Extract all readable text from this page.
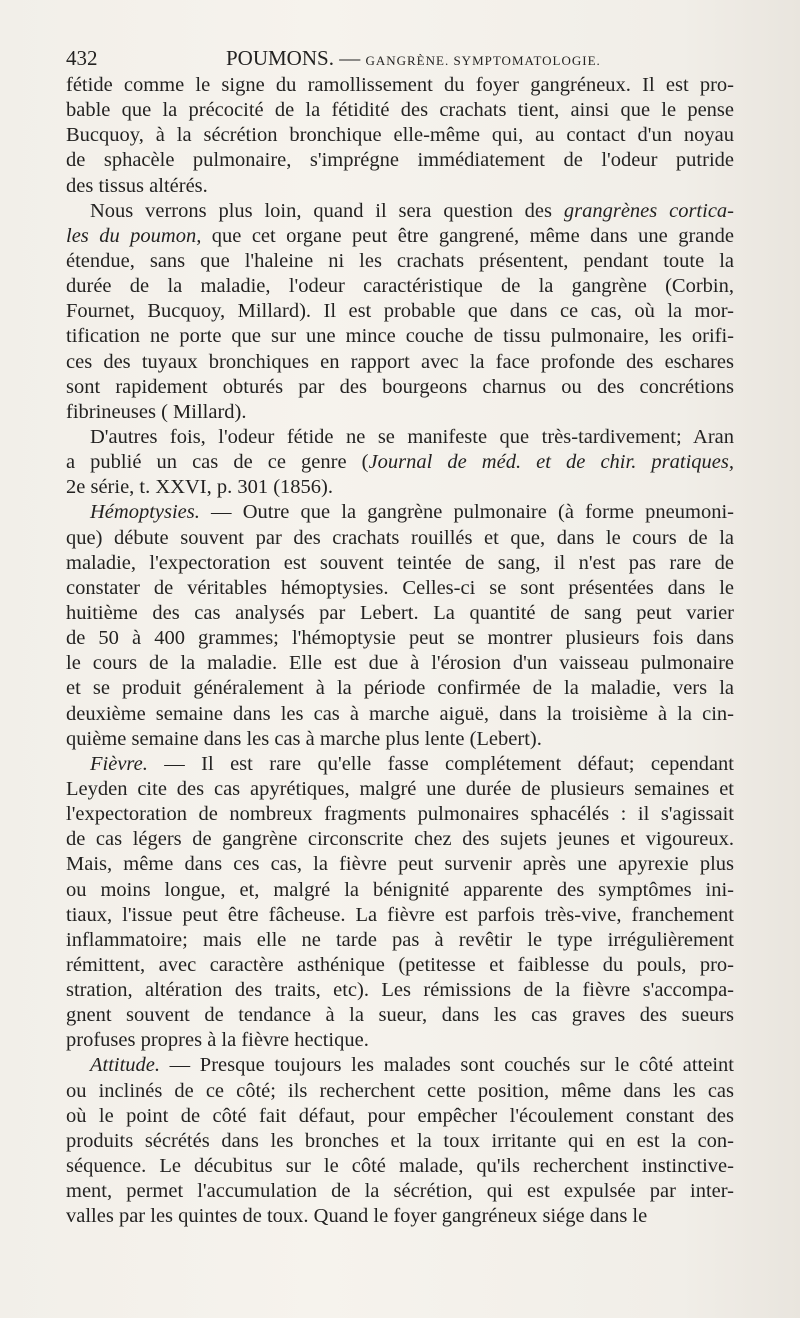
432	POUMONS. — GANGRÈNE. SYMPTOMATOLOGIE.
fétide comme le signe du ramollissement du foyer gangréneux. Il est pro-
bable que la précocité de la fétidité des crachats tient, ainsi que le pense
Bucquoy, à la sécrétion bronchique elle-même qui, au contact d'un noyau
de sphacèle pulmonaire, s'imprégne immédiatement de l'odeur putride
des tissus altérés.
Nous verrons plus loin, quand il sera question des grangrènes cortica-
les du poumon, que cet organe peut être gangrené, même dans une grande
étendue, sans que l'haleine ni les crachats présentent, pendant toute la
durée de la maladie, l'odeur caractéristique de la gangrène (Corbin,
Fournet, Bucquoy, Millard). Il est probable que dans ce cas, où la mor-
tification ne porte que sur une mince couche de tissu pulmonaire, les orifi-
ces des tuyaux bronchiques en rapport avec la face profonde des eschares
sont rapidement obturés par des bourgeons charnus ou des concrétions
fibrineuses ( Millard).
D'autres fois, l'odeur fétide ne se manifeste que très-tardivement; Aran
a publié un cas de ce genre (Journal de méd. et de chir. pratiques,
2e série, t. XXVI, p. 301 (1856).
Hémoptysies. — Outre que la gangrène pulmonaire (à forme pneumoni-
que) débute souvent par des crachats rouillés et que, dans le cours de la
maladie, l'expectoration est souvent teintée de sang, il n'est pas rare de
constater de véritables hémoptysies. Celles-ci se sont présentées dans le
huitième des cas analysés par Lebert. La quantité de sang peut varier
de 50 à 400 grammes; l'hémoptysie peut se montrer plusieurs fois dans
le cours de la maladie. Elle est due à l'érosion d'un vaisseau pulmonaire
et se produit généralement à la période confirmée de la maladie, vers la
deuxième semaine dans les cas à marche aiguë, dans la troisième à la cin-
quième semaine dans les cas à marche plus lente (Lebert).
Fièvre. — Il est rare qu'elle fasse complétement défaut; cependant
Leyden cite des cas apyrétiques, malgré une durée de plusieurs semaines et
l'expectoration de nombreux fragments pulmonaires sphacélés : il s'agissait
de cas légers de gangrène circonscrite chez des sujets jeunes et vigoureux.
Mais, même dans ces cas, la fièvre peut survenir après une apyrexie plus
ou moins longue, et, malgré la bénignité apparente des symptômes ini-
tiaux, l'issue peut être fâcheuse. La fièvre est parfois très-vive, franchement
inflammatoire; mais elle ne tarde pas à revêtir le type irrégulièrement
rémittent, avec caractère asthénique (petitesse et faiblesse du pouls, pro-
stration, altération des traits, etc). Les rémissions de la fièvre s'accompa-
gnent souvent de tendance à la sueur, dans les cas graves des sueurs
profuses propres à la fièvre hectique.
Attitude. — Presque toujours les malades sont couchés sur le côté atteint
ou inclinés de ce côté; ils recherchent cette position, même dans les cas
où le point de côté fait défaut, pour empêcher l'écoulement constant des
produits sécrétés dans les bronches et la toux irritante qui en est la con-
séquence. Le décubitus sur le côté malade, qu'ils recherchent instinctive-
ment, permet l'accumulation de la sécrétion, qui est expulsée par inter-
valles par les quintes de toux. Quand le foyer gangréneux siége dans le
